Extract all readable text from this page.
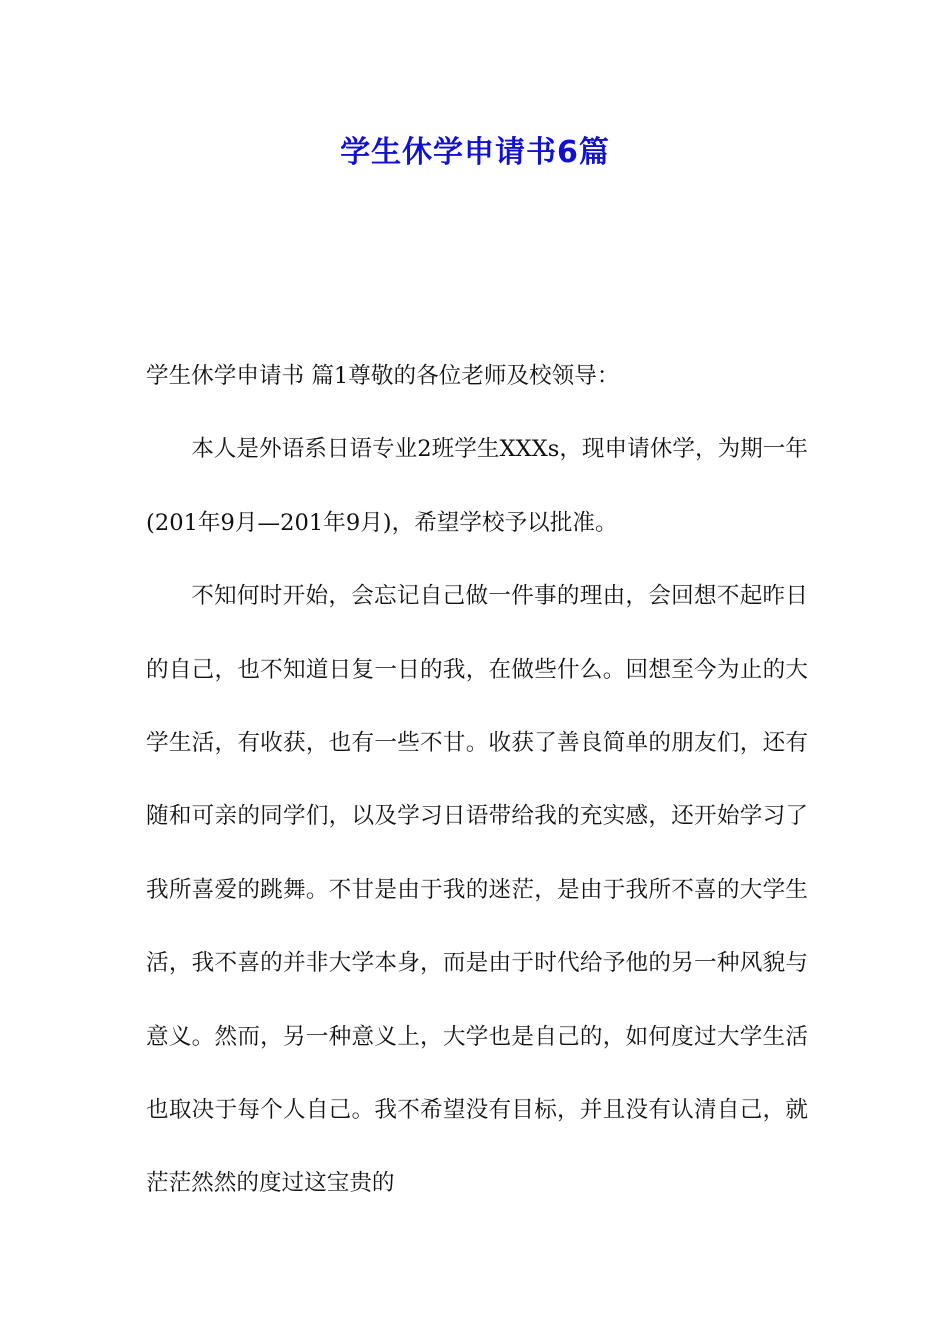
学生休学申请书6篇

学生休学申请书 篇1尊敬的各位老师及校领导：

本人是外语系日语专业2班学生XXXs，现申请休学，为期一年(201年9月—201年9月)，希望学校予以批准。

不知何时开始，会忘记自己做一件事的理由，会回想不起昨日的自己，也不知道日复一日的我，在做些什么。回想至今为止的大学生活，有收获，也有一些不甘。收获了善良简单的朋友们，还有随和可亲的同学们，以及学习日语带给我的充实感，还开始学习了我所喜爱的跳舞。不甘是由于我的迷茫，是由于我所不喜的大学生活，我不喜的并非大学本身，而是由于时代给予他的另一种风貌与意义。然而，另一种意义上，大学也是自己的，如何度过大学生活也取决于每个人自己。我不希望没有目标，并且没有认清自己，就茫茫然然的度过这宝贵的
